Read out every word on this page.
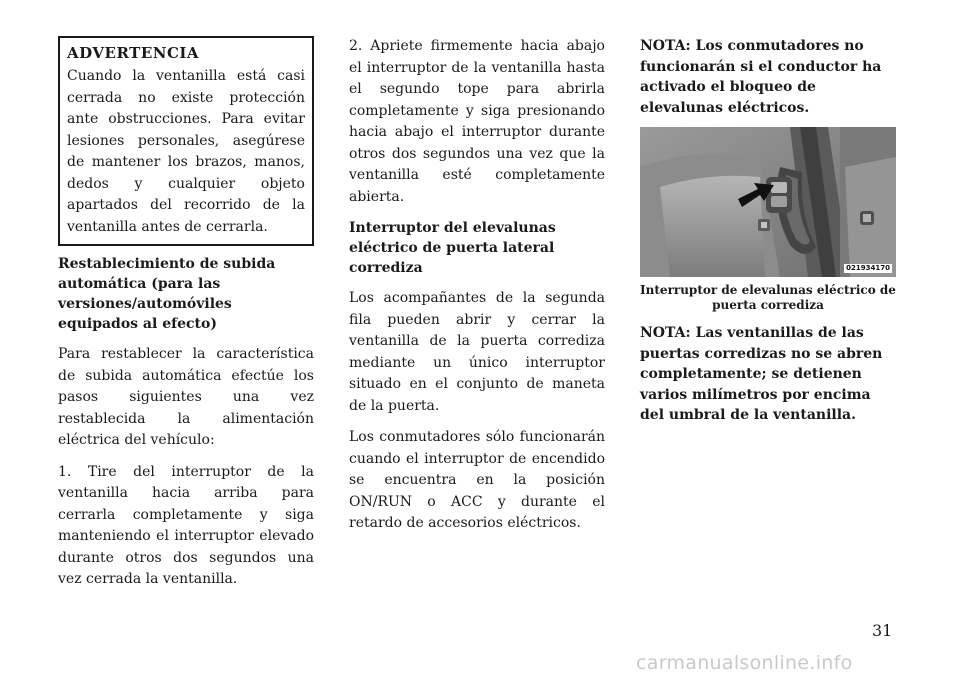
ADVERTENCIA

Cuando la ventanilla está casi cerrada no existe protección ante obstrucciones. Para evitar lesiones personales, asegúrese de mantener los brazos, manos, dedos y cualquier objeto apartados del recorrido de la ventanilla antes de cerrarla.

Restablecimiento de subida automática (para las versiones/automóviles equipados al efecto)

Para restablecer la característica de subida automática efectúe los pasos siguientes una vez restablecida la alimentación eléctrica del vehículo:

1. Tire del interruptor de la ventanilla hacia arriba para cerrarla completamente y siga manteniendo el interruptor elevado durante otros dos segundos una vez cerrada la ventanilla.

2. Apriete firmemente hacia abajo el interruptor de la ventanilla hasta el segundo tope para abrirla completamente y siga presionando hacia abajo el interruptor durante otros dos segundos una vez que la ventanilla esté completamente abierta.

Interruptor del elevalunas eléctrico de puerta lateral corrediza

Los acompañantes de la segunda fila pueden abrir y cerrar la ventanilla de la puerta corrediza mediante un único interruptor situado en el conjunto de maneta de la puerta.

Los conmutadores sólo funcionarán cuando el interruptor de encendido se encuentra en la posición ON/RUN o ACC y durante el retardo de accesorios eléctricos.

NOTA: Los conmutadores no funcionarán si el conductor ha activado el bloqueo de elevalunas eléctricos.
021934170
Interruptor de elevalunas eléctrico de puerta corrediza
NOTA: Las ventanillas de las puertas corredizas no se abren completamente; se detienen varios milímetros por encima del umbral de la ventanilla.
31
carmanualsonline.info
